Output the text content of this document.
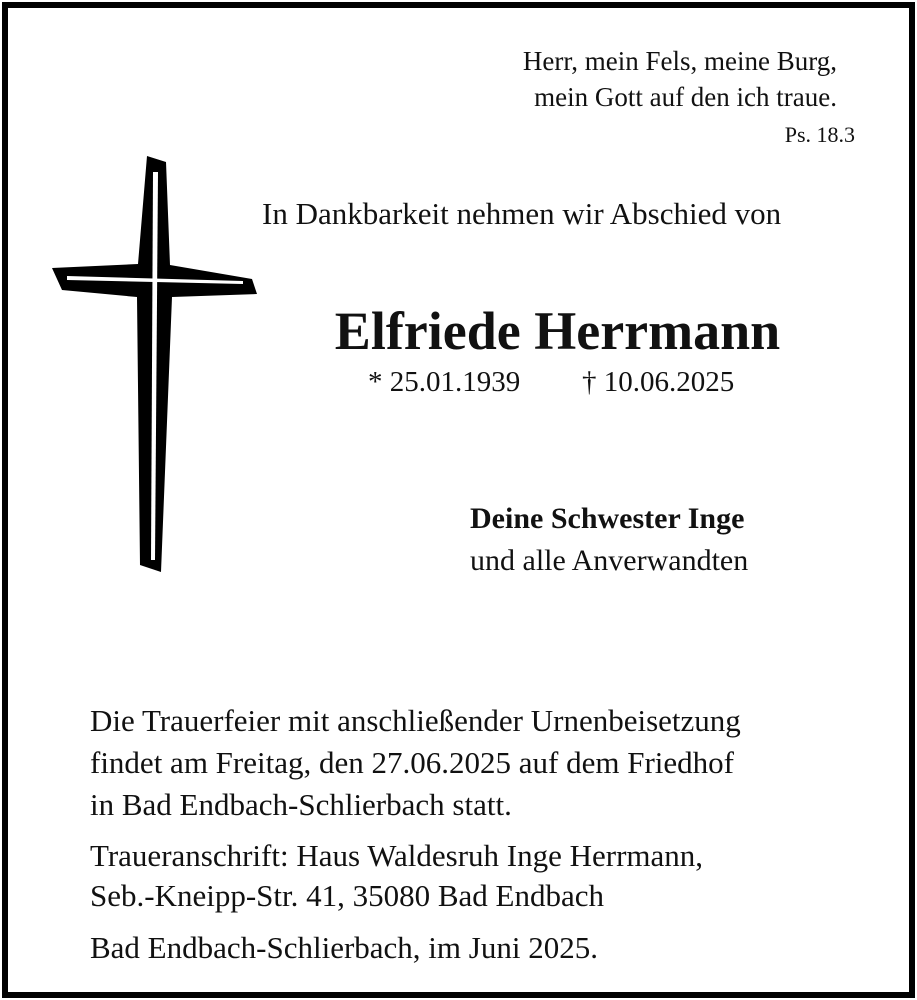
Herr, mein Fels, meine Burg,
mein Gott auf den ich traue.
Ps. 18.3
In Dankbarkeit nehmen wir Abschied von
Elfriede Herrmann
* 25.01.1939 † 10.06.2025
Deine Schwester Inge
und alle Anverwandten
Die Trauerfeier mit anschließender Urnenbeisetzung
findet am Freitag, den 27.06.2025 auf dem Friedhof
in Bad Endbach-Schlierbach statt.
Traueranschrift: Haus Waldesruh Inge Herrmann,
Seb.-Kneipp-Str. 41, 35080 Bad Endbach
Bad Endbach-Schlierbach, im Juni 2025.
